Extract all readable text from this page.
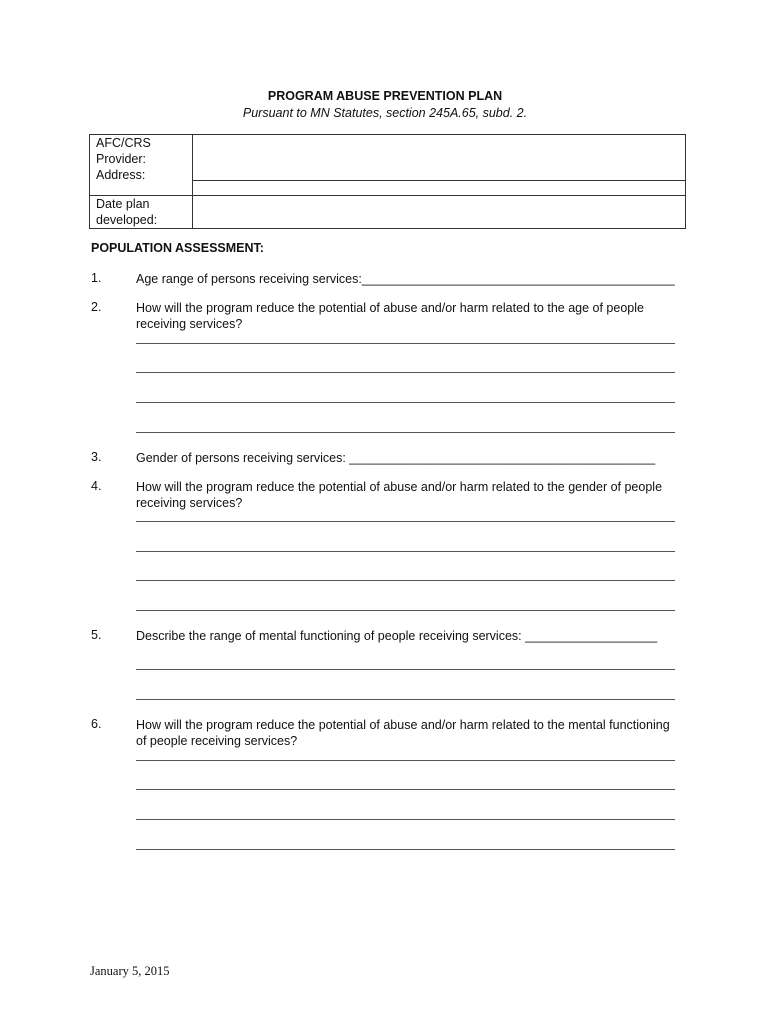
PROGRAM ABUSE PREVENTION PLAN
Pursuant to MN Statutes, section 245A.65, subd. 2.
AFC/CRS Provider:
Address:	

Date plan developed:	

POPULATION ASSESSMENT:
1.	Age range of persons receiving services:_____________________________________________
2.	How will the program reduce the potential of abuse and/or harm related to the age of people receiving services?
3.	Gender of persons receiving services: ____________________________________________
4.	How will the program reduce the potential of abuse and/or harm related to the gender of people receiving services?
5.	Describe the range of mental functioning of people receiving services: ___________________
6.	How will the program reduce the potential of abuse and/or harm related to the mental functioning of people receiving services?
January 5, 2015
